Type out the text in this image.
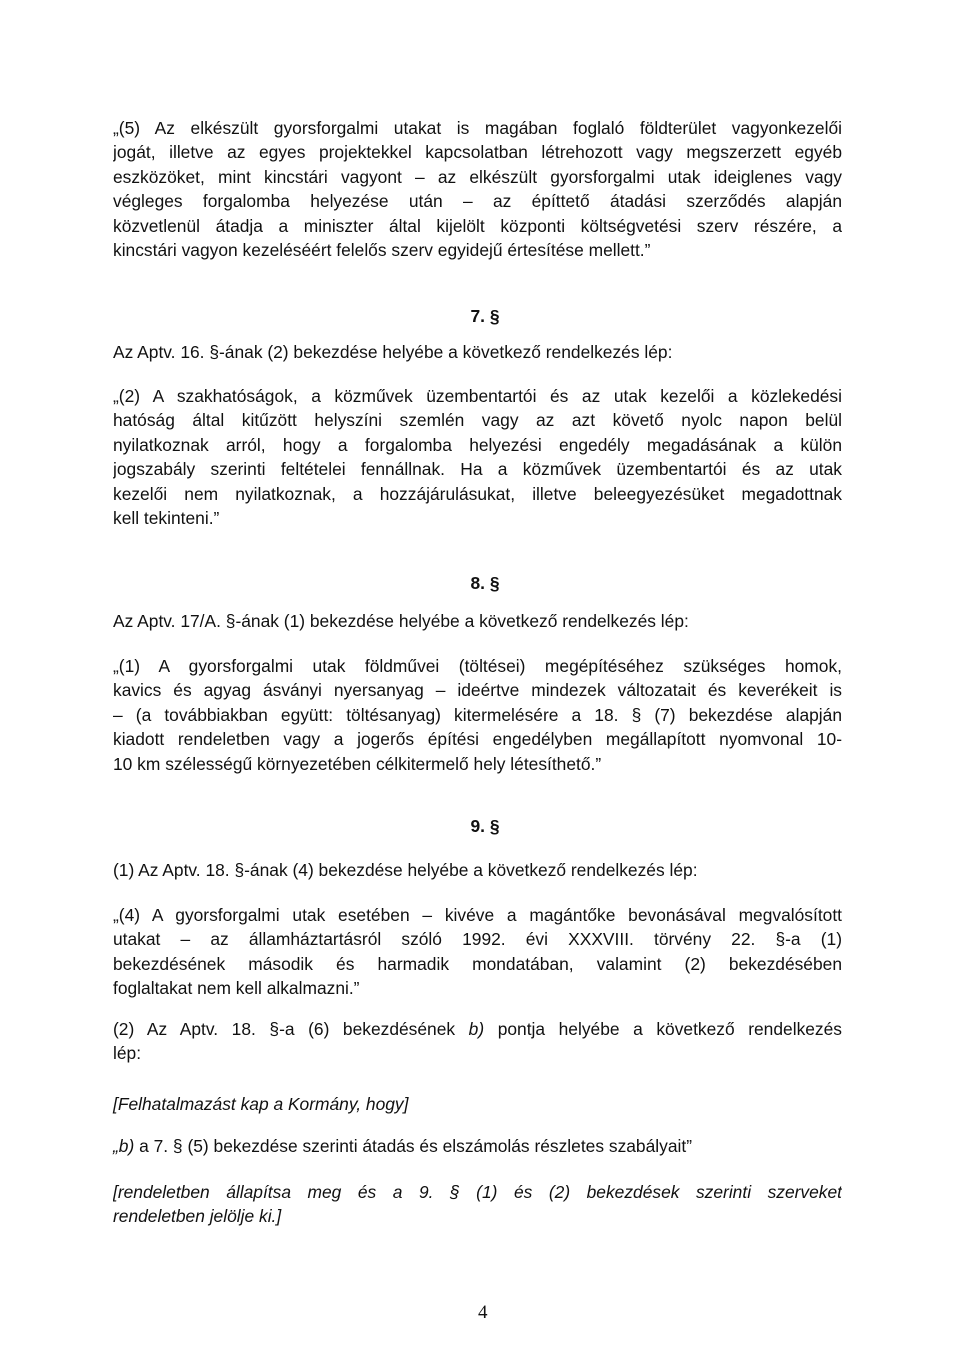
„(5) Az elkészült gyorsforgalmi utakat is magában foglaló földterület vagyonkezelői
jogát, illetve az egyes projektekkel kapcsolatban létrehozott vagy megszerzett egyéb
eszközöket, mint kincstári vagyont – az elkészült gyorsforgalmi utak ideiglenes vagy
végleges forgalomba helyezése után – az építtető átadási szerződés alapján
közvetlenül átadja a miniszter által kijelölt központi költségvetési szerv részére, a
kincstári vagyon kezeléséért felelős szerv egyidejű értesítése mellett.”

7. §

Az Aptv. 16. §-ának (2) bekezdése helyébe a következő rendelkezés lép:

„(2) A szakhatóságok, a közművek üzembentartói és az utak kezelői a közlekedési
hatóság által kitűzött helyszíni szemlén vagy az azt követő nyolc napon belül
nyilatkoznak arról, hogy a forgalomba helyezési engedély megadásának a külön
jogszabály szerinti feltételei fennállnak. Ha a közművek üzembentartói és az utak
kezelői nem nyilatkoznak, a hozzájárulásukat, illetve beleegyezésüket megadottnak
kell tekinteni.”

8. §

Az Aptv. 17/A. §-ának (1) bekezdése helyébe a következő rendelkezés lép:

„(1) A gyorsforgalmi utak földművei (töltései) megépítéséhez szükséges homok,
kavics és agyag ásványi nyersanyag – ideértve mindezek változatait és keverékeit is
– (a továbbiakban együtt: töltésanyag) kitermelésére a 18. § (7) bekezdése alapján
kiadott rendeletben vagy a jogerős építési engedélyben megállapított nyomvonal 10-
10 km szélességű környezetében célkitermelő hely létesíthető.”

9. §

(1) Az Aptv. 18. §-ának (4) bekezdése helyébe a következő rendelkezés lép:

„(4) A gyorsforgalmi utak esetében – kivéve a magántőke bevonásával megvalósított
utakat – az államháztartásról szóló 1992. évi XXXVIII. törvény 22. §-a (1)
bekezdésének második és harmadik mondatában, valamint (2) bekezdésében
foglaltakat nem kell alkalmazni.”
(2) Az Aptv. 18. §-a (6) bekezdésének b) pontja helyébe a következő rendelkezés
lép:

[Felhatalmazást kap a Kormány, hogy]

„b) a 7. § (5) bekezdése szerinti átadás és elszámolás részletes szabályait”

[rendeletben állapítsa meg és a 9. § (1) és (2) bekezdések szerinti szerveket
rendeletben jelölje ki.]

4
